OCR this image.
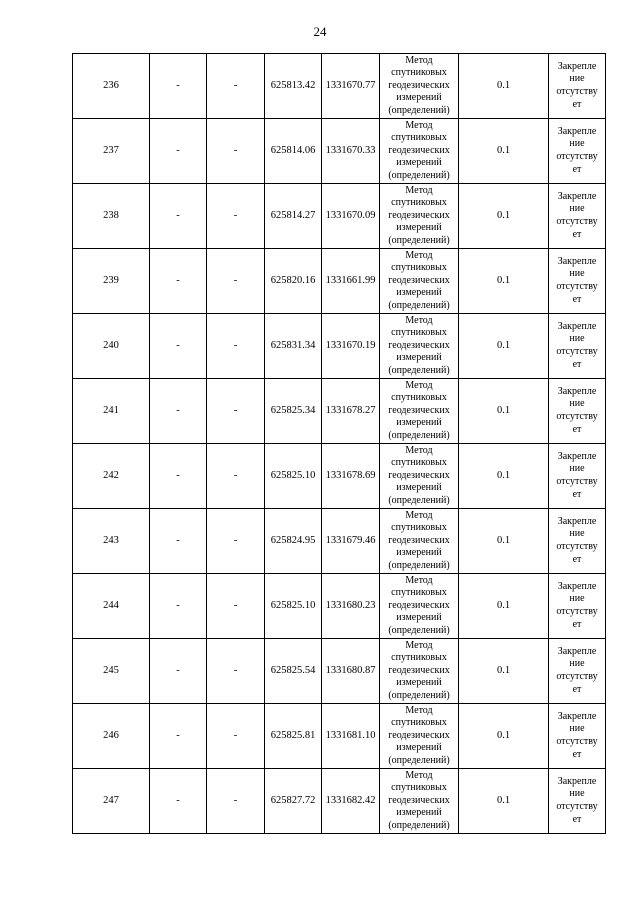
24
236	-	-	625813.42	1331670.77	Метод
спутниковых
геодезических
измерений
(определений)	0.1	Закрепле
ние
отсутству
ет

237	-	-	625814.06	1331670.33	Метод
спутниковых
геодезических
измерений
(определений)	0.1	Закрепле
ние
отсутству
ет

238	-	-	625814.27	1331670.09	Метод
спутниковых
геодезических
измерений
(определений)	0.1	Закрепле
ние
отсутству
ет

239	-	-	625820.16	1331661.99	Метод
спутниковых
геодезических
измерений
(определений)	0.1	Закрепле
ние
отсутству
ет

240	-	-	625831.34	1331670.19	Метод
спутниковых
геодезических
измерений
(определений)	0.1	Закрепле
ние
отсутству
ет

241	-	-	625825.34	1331678.27	Метод
спутниковых
геодезических
измерений
(определений)	0.1	Закрепле
ние
отсутству
ет

242	-	-	625825.10	1331678.69	Метод
спутниковых
геодезических
измерений
(определений)	0.1	Закрепле
ние
отсутству
ет

243	-	-	625824.95	1331679.46	Метод
спутниковых
геодезических
измерений
(определений)	0.1	Закрепле
ние
отсутству
ет

244	-	-	625825.10	1331680.23	Метод
спутниковых
геодезических
измерений
(определений)	0.1	Закрепле
ние
отсутству
ет

245	-	-	625825.54	1331680.87	Метод
спутниковых
геодезических
измерений
(определений)	0.1	Закрепле
ние
отсутству
ет

246	-	-	625825.81	1331681.10	Метод
спутниковых
геодезических
измерений
(определений)	0.1	Закрепле
ние
отсутству
ет

247	-	-	625827.72	1331682.42	Метод
спутниковых
геодезических
измерений
(определений)	0.1	Закрепле
ние
отсутству
ет
